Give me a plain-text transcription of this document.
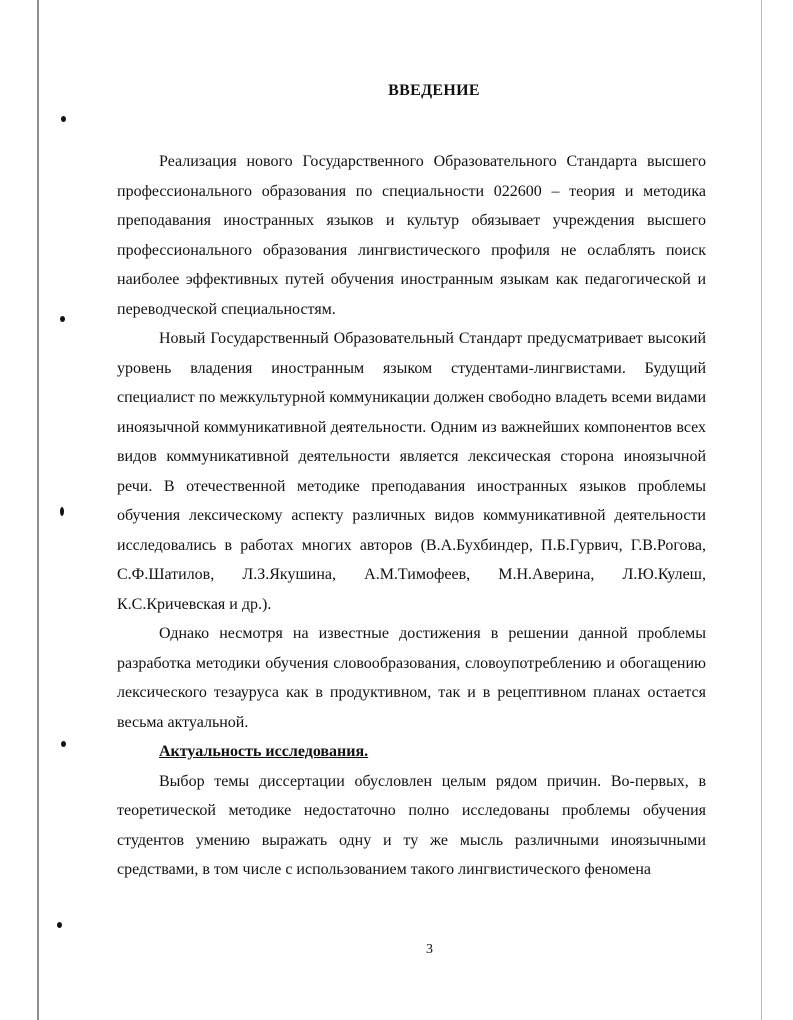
ВВЕДЕНИЕ

Реализация нового Государственного Образовательного Стандарта высшего профессионального образования по специальности 022600 – теория и методика преподавания иностранных языков и культур обязывает учреждения высшего профессионального образования лингвистического профиля не ослаблять поиск наиболее эффективных путей обучения иностранным языкам как педагогической и переводческой специальностям.

Новый Государственный Образовательный Стандарт предусматривает высокий уровень владения иностранным языком студентами-лингвистами. Будущий специалист по межкультурной коммуникации должен свободно владеть всеми видами иноязычной коммуникативной деятельности. Одним из важнейших компонентов всех видов коммуникативной деятельности является лексическая сторона иноязычной речи. В отечественной методике преподавания иностранных языков проблемы обучения лексическому аспекту различных видов коммуникативной деятельности исследовались в работах многих авторов (В.А.Бухбиндер, П.Б.Гурвич, Г.В.Рогова, С.Ф.Шатилов, Л.З.Якушина, А.М.Тимофеев, М.Н.Аверина, Л.Ю.Кулеш, К.С.Кричевская и др.).

Однако несмотря на известные достижения в решении данной проблемы разработка методики обучения словообразования, словоупотреблению и обогащению лексического тезауруса как в продуктивном, так и в рецептивном планах остается весьма актуальной.

Актуальность исследования.

Выбор темы диссертации обусловлен целым рядом причин. Во-первых, в теоретической методике недостаточно полно исследованы проблемы обучения студентов умению выражать одну и ту же мысль различными иноязычными средствами, в том числе с использованием такого лингвистического феномена

3
